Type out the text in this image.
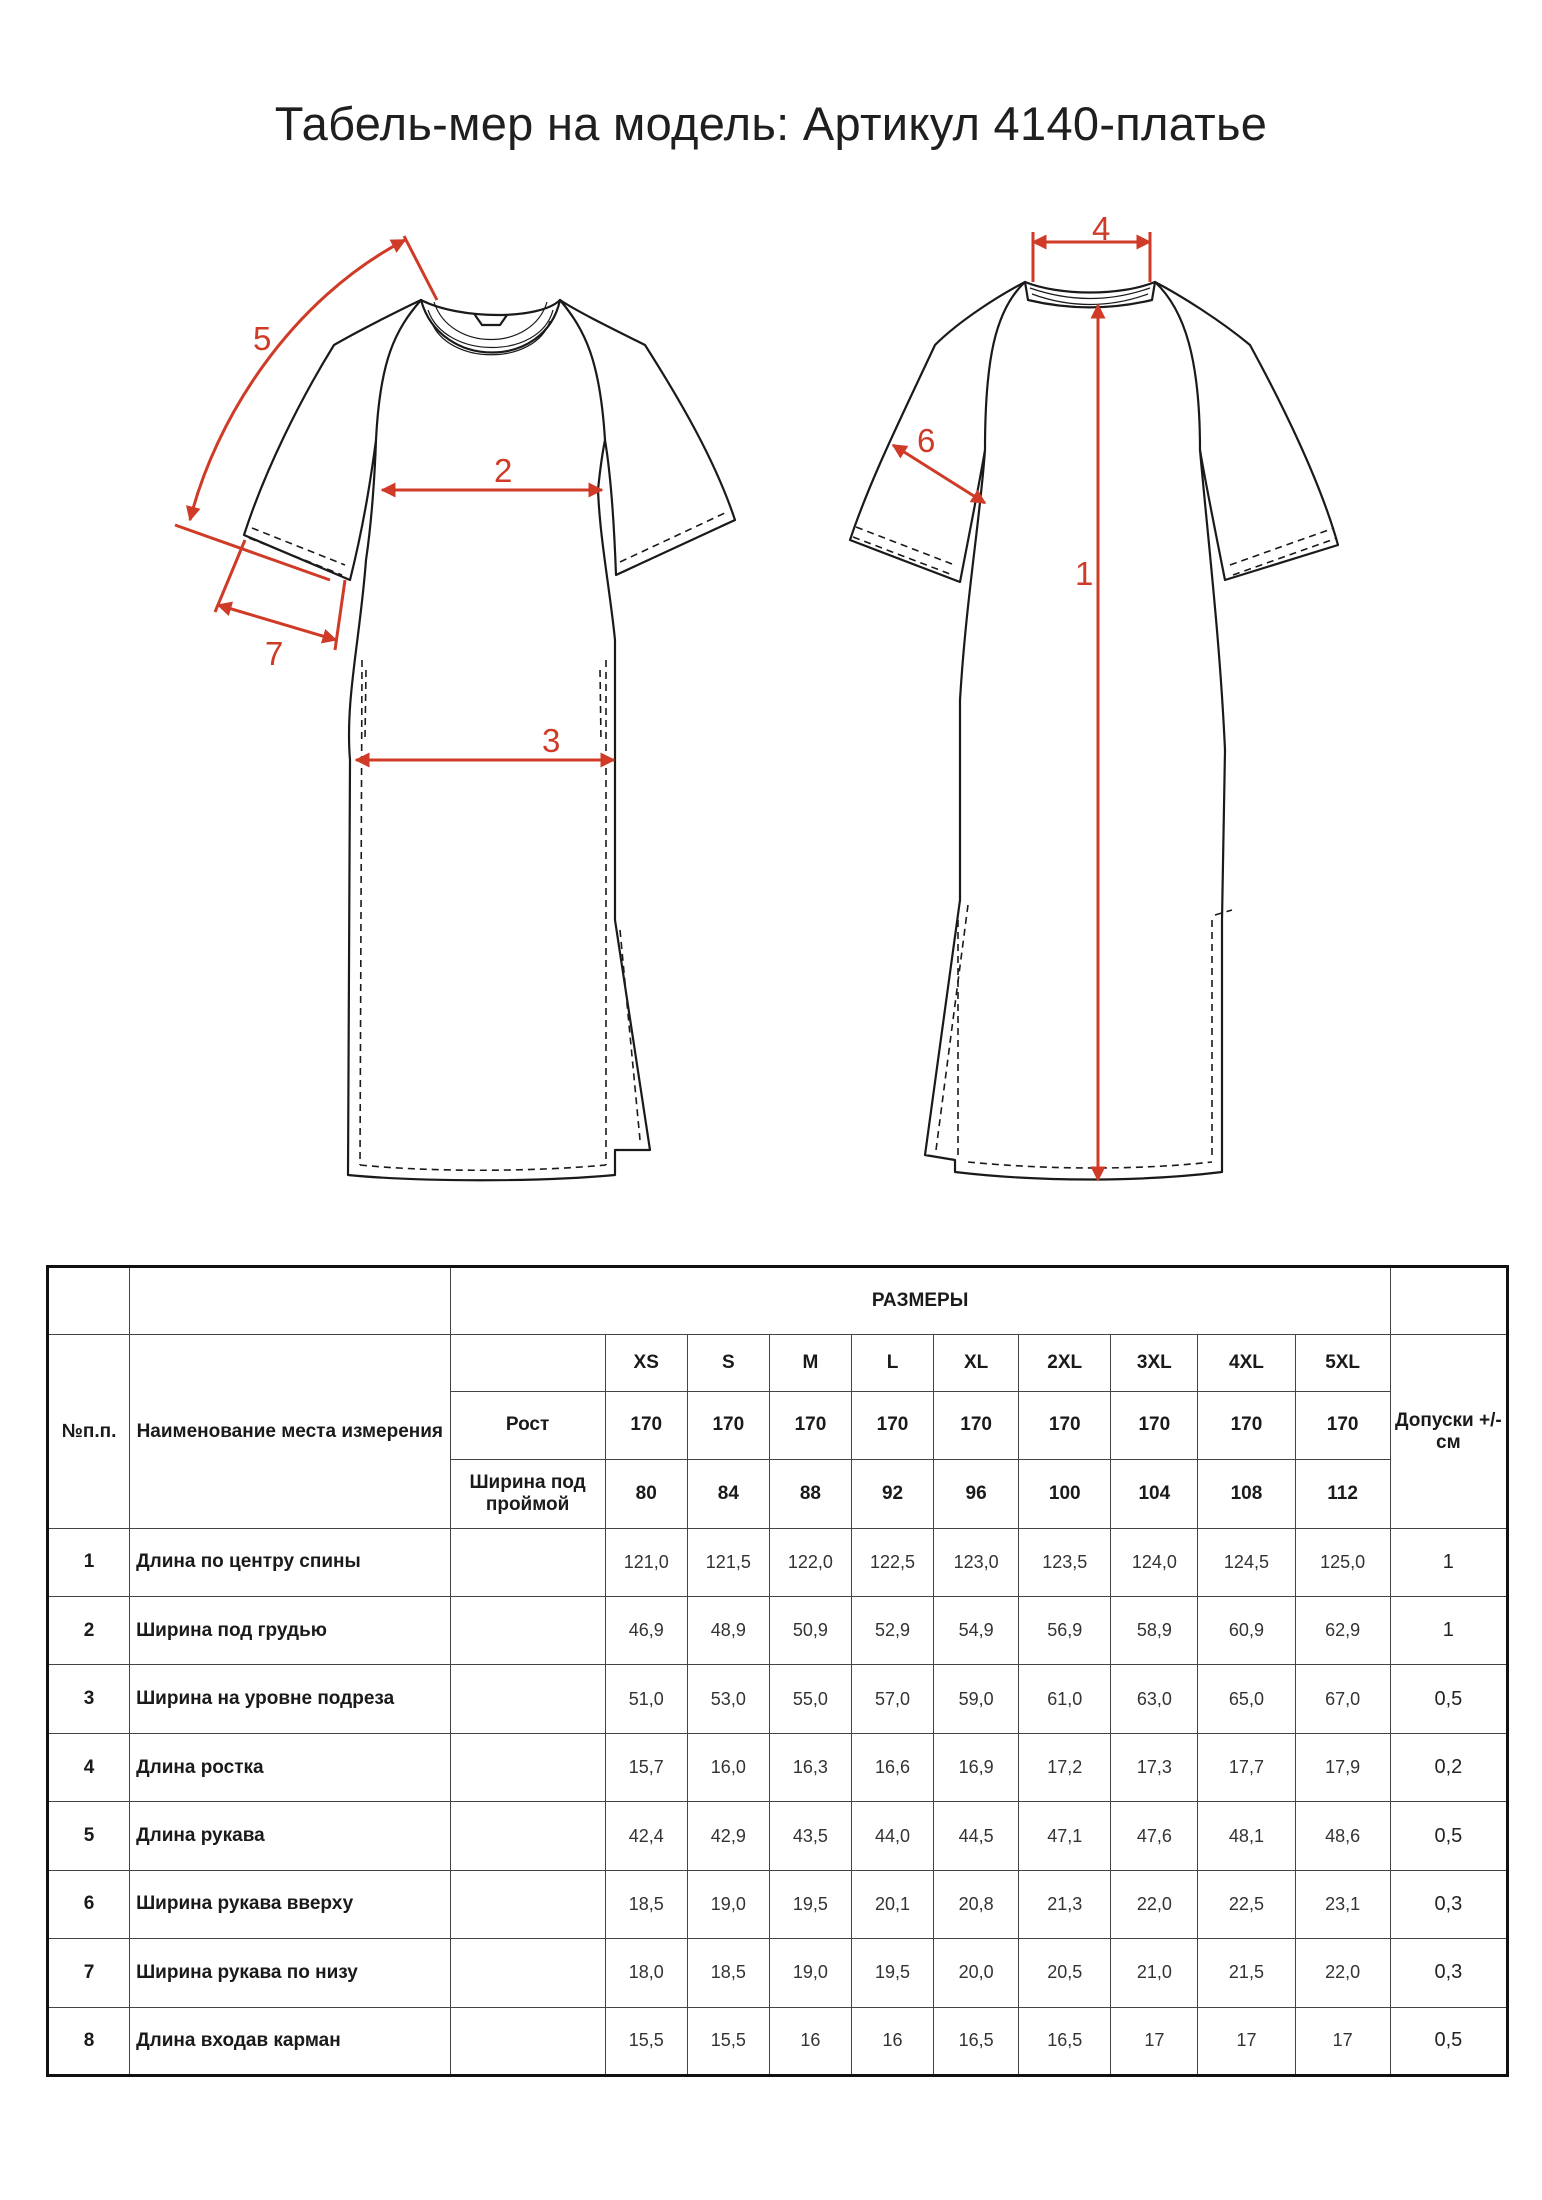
Табель-мер на модель: Артикул 4140-платье
1
2
3
4
5
6
7
		РАЗМЕРЫ										
№п.п.	Наименование места измерения		XS	S	M	L	XL	2XL	3XL	4XL	5XL	Допуски +/- см
		Рост	170	170	170	170	170	170	170	170	170	
		Ширина под проймой	80	84	88	92	96	100	104	108	112	
1	Длина по центру спины		121,0	121,5	122,0	122,5	123,0	123,5	124,0	124,5	125,0	1
2	Ширина под грудью		46,9	48,9	50,9	52,9	54,9	56,9	58,9	60,9	62,9	1
3	Ширина на уровне подреза		51,0	53,0	55,0	57,0	59,0	61,0	63,0	65,0	67,0	0,5
4	Длина ростка		15,7	16,0	16,3	16,6	16,9	17,2	17,3	17,7	17,9	0,2
5	Длина рукава		42,4	42,9	43,5	44,0	44,5	47,1	47,6	48,1	48,6	0,5
6	Ширина рукава вверху		18,5	19,0	19,5	20,1	20,8	21,3	22,0	22,5	23,1	0,3
7	Ширина рукава по низу		18,0	18,5	19,0	19,5	20,0	20,5	21,0	21,5	22,0	0,3
8	Длина входав карман		15,5	15,5	16	16	16,5	16,5	17	17	17	0,5
